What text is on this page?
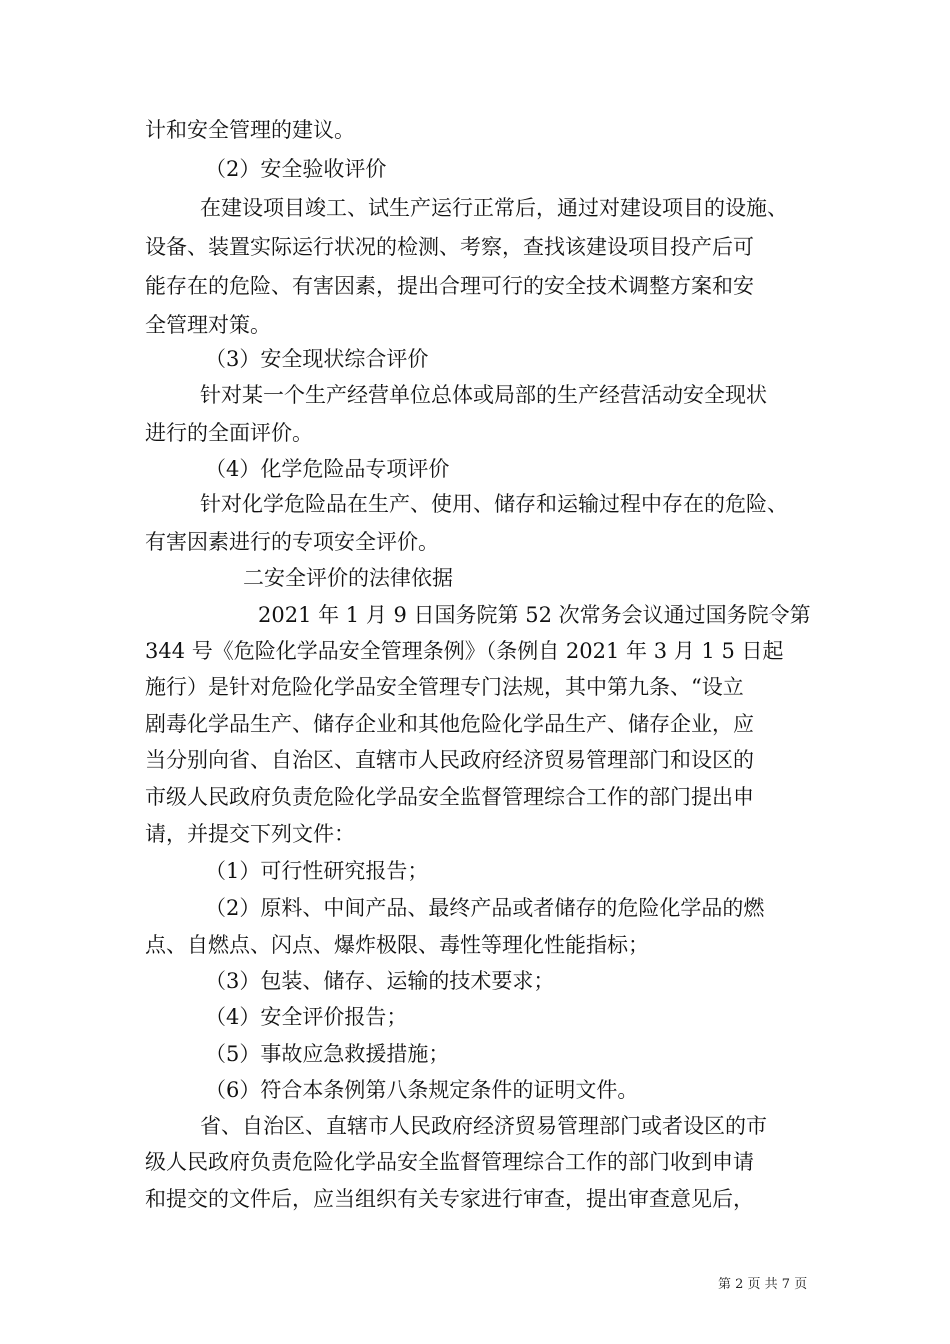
计和安全管理的建议。
（2）安全验收评价
在建设项目竣工、试生产运行正常后，通过对建设项目的设施、
设备、装置实际运行状况的检测、考察，查找该建设项目投产后可
能存在的危险、有害因素，提出合理可行的安全技术调整方案和安
全管理对策。
（3）安全现状综合评价
针对某一个生产经营单位总体或局部的生产经营活动安全现状
进行的全面评价。
（4）化学危险品专项评价
针对化学危险品在生产、使用、储存和运输过程中存在的危险、
有害因素进行的专项安全评价。
二安全评价的法律依据
2021 年 1 月 9 日国务院第 52 次常务会议通过国务院令第
344 号《危险化学品安全管理条例》（条例自 2021 年 3 月 1 5 日起
施行）是针对危险化学品安全管理专门法规，其中第九条、“设立
剧毒化学品生产、储存企业和其他危险化学品生产、储存企业，应
当分别向省、自治区、直辖市人民政府经济贸易管理部门和设区的
市级人民政府负责危险化学品安全监督管理综合工作的部门提出申
请，并提交下列文件：
（1）可行性研究报告；
（2）原料、中间产品、最终产品或者储存的危险化学品的燃
点、自燃点、闪点、爆炸极限、毒性等理化性能指标；
（3）包装、储存、运输的技术要求；
（4）安全评价报告；
（5）事故应急救援措施；
（6）符合本条例第八条规定条件的证明文件。
省、自治区、直辖市人民政府经济贸易管理部门或者设区的市
级人民政府负责危险化学品安全监督管理综合工作的部门收到申请
和提交的文件后，应当组织有关专家进行审查，提出审查意见后，
第 2 页 共 7 页
